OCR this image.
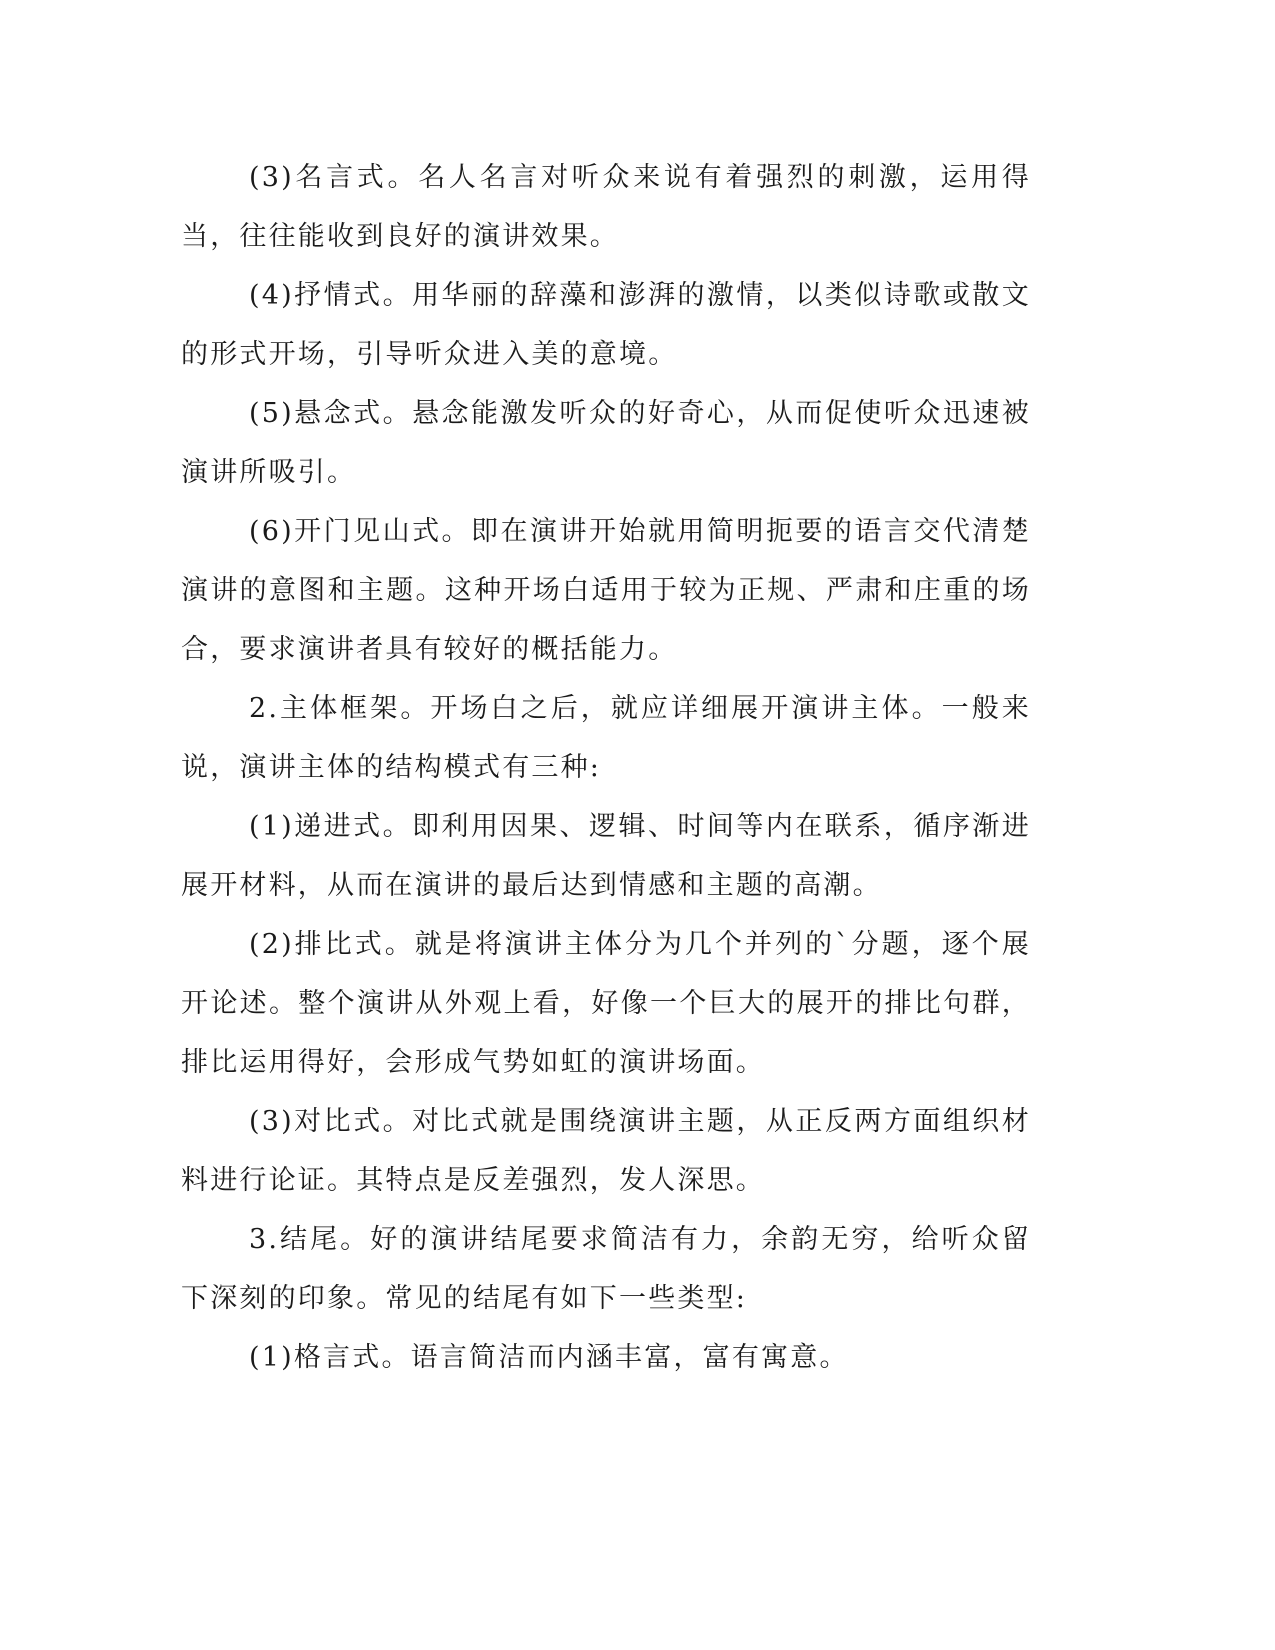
(3)名言式。名人名言对听众来说有着强烈的刺激，运用得当，往往能收到良好的演讲效果。

(4)抒情式。用华丽的辞藻和澎湃的激情，以类似诗歌或散文的形式开场，引导听众进入美的意境。

(5)悬念式。悬念能激发听众的好奇心，从而促使听众迅速被演讲所吸引。

(6)开门见山式。即在演讲开始就用简明扼要的语言交代清楚演讲的意图和主题。这种开场白适用于较为正规、严肃和庄重的场合，要求演讲者具有较好的概括能力。

2.主体框架。开场白之后，就应详细展开演讲主体。一般来说，演讲主体的结构模式有三种:

(1)递进式。即利用因果、逻辑、时间等内在联系，循序渐进展开材料，从而在演讲的最后达到情感和主题的高潮。

(2)排比式。就是将演讲主体分为几个并列的`分题，逐个展开论述。整个演讲从外观上看，好像一个巨大的展开的排比句群，排比运用得好，会形成气势如虹的演讲场面。

(3)对比式。对比式就是围绕演讲主题，从正反两方面组织材料进行论证。其特点是反差强烈，发人深思。

3.结尾。好的演讲结尾要求简洁有力，余韵无穷，给听众留下深刻的印象。常见的结尾有如下一些类型:

(1)格言式。语言简洁而内涵丰富，富有寓意。
